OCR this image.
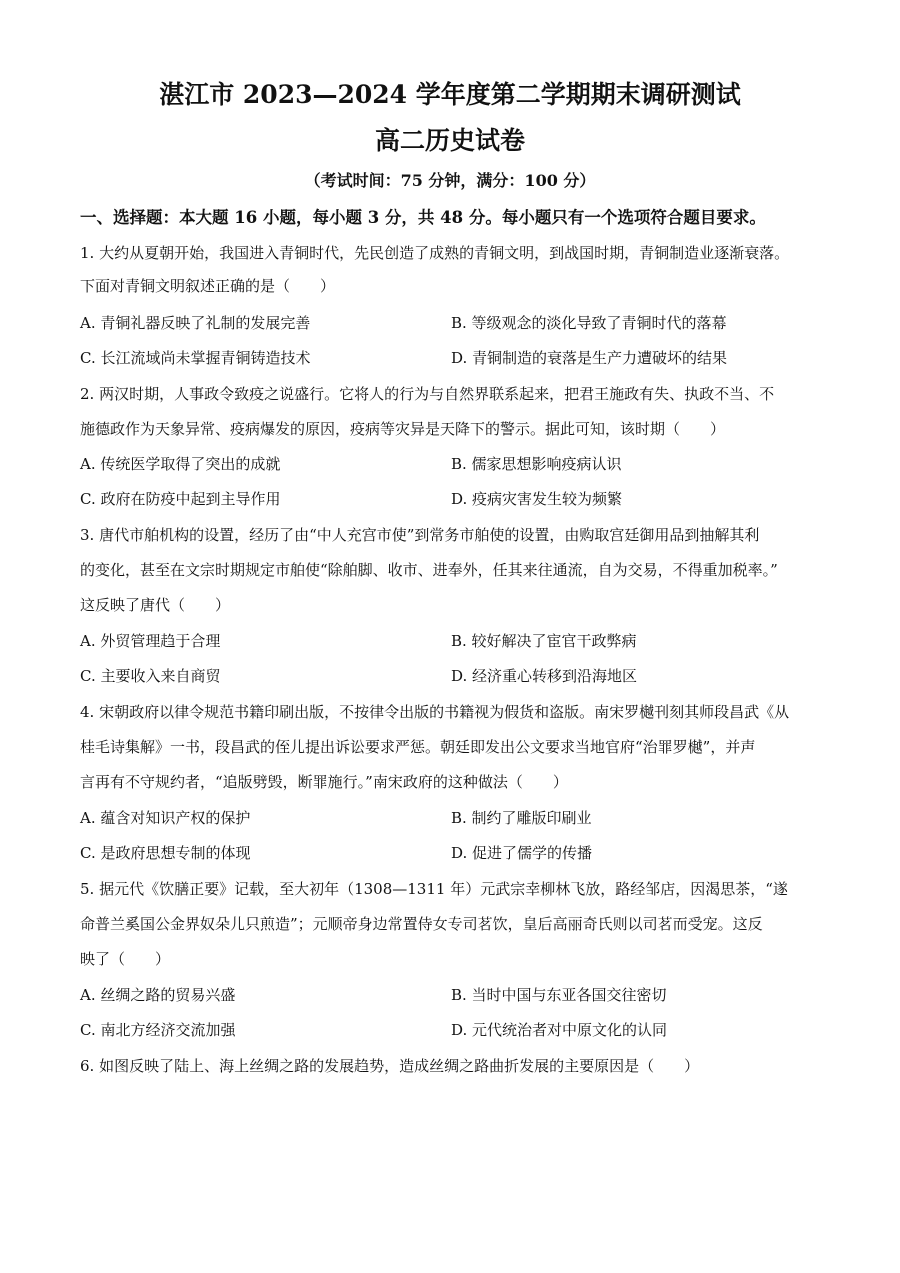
湛江市 2023—2024 学年度第二学期期末调研测试
高二历史试卷
（考试时间：75 分钟，满分：100 分）
一、选择题：本大题 16 小题，每小题 3 分，共 48 分。每小题只有一个选项符合题目要求。
1. 大约从夏朝开始，我国进入青铜时代，先民创造了成熟的青铜文明，到战国时期，青铜制造业逐渐衰落。
下面对青铜文明叙述正确的是（　　）
A. 青铜礼器反映了礼制的发展完善	B. 等级观念的淡化导致了青铜时代的落幕
C. 长江流域尚未掌握青铜铸造技术	D. 青铜制造的衰落是生产力遭破坏的结果
2. 两汉时期，人事政令致疫之说盛行。它将人的行为与自然界联系起来，把君王施政有失、执政不当、不
施德政作为天象异常、疫病爆发的原因，疫病等灾异是天降下的警示。据此可知，该时期（　　）
A. 传统医学取得了突出的成就	B. 儒家思想影响疫病认识
C. 政府在防疫中起到主导作用	D. 疫病灾害发生较为频繁
3. 唐代市舶机构的设置，经历了由“中人充宫市使”到常务市舶使的设置，由购取宫廷御用品到抽解其利
的变化，甚至在文宗时期规定市舶使“除舶脚、收市、进奉外，任其来往通流，自为交易，不得重加税率。”
这反映了唐代（　　）
A. 外贸管理趋于合理	B. 较好解决了宦官干政弊病
C. 主要收入来自商贸	D. 经济重心转移到沿海地区
4. 宋朝政府以律令规范书籍印刷出版，不按律令出版的书籍视为假货和盗版。南宋罗樾刊刻其师段昌武《从
桂毛诗集解》一书，段昌武的侄儿提出诉讼要求严惩。朝廷即发出公文要求当地官府“治罪罗樾”，并声
言再有不守规约者，“追版劈毁，断罪施行。”南宋政府的这种做法（　　）
A. 蕴含对知识产权的保护	B. 制约了雕版印刷业
C. 是政府思想专制的体现	D. 促进了儒学的传播
5. 据元代《饮膳正要》记载，至大初年（1308—1311 年）元武宗幸柳林飞放，路经邹店，因渴思茶，“遂
命普兰奚国公金界奴朵儿只煎造”；元顺帝身边常置侍女专司茗饮，皇后高丽奇氏则以司茗而受宠。这反
映了（　　）
A. 丝绸之路的贸易兴盛	B. 当时中国与东亚各国交往密切
C. 南北方经济交流加强	D. 元代统治者对中原文化的认同
6. 如图反映了陆上、海上丝绸之路的发展趋势，造成丝绸之路曲折发展的主要原因是（　　）
